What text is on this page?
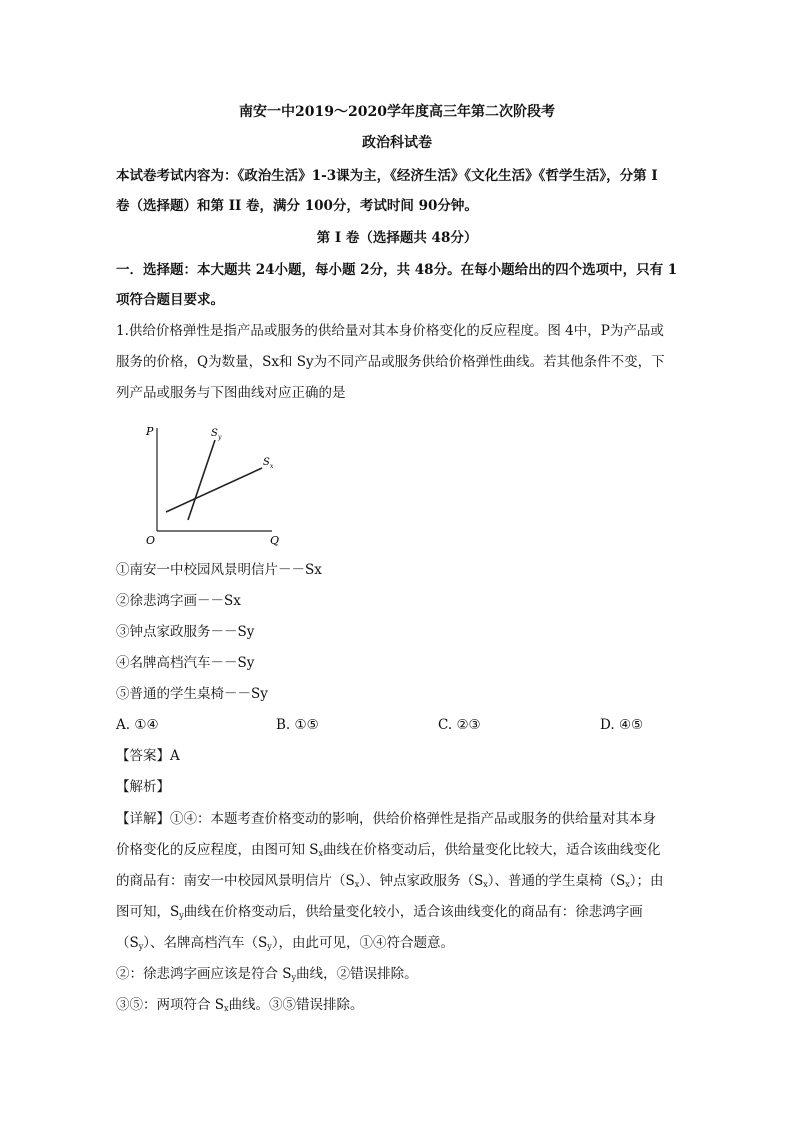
南安一中2019～2020学年度高三年第二次阶段考
政治科试卷
本试卷考试内容为：《政治生活》1-3课为主，《经济生活》《文化生活》《哲学生活》，分第 I
卷（选择题）和第 II 卷，满分 100分，考试时间 90分钟。
第 I 卷（选择题共 48分）
一．选择题：本大题共 24小题，每小题 2分，共 48分。在每小题给出的四个选项中，只有 1
项符合题目要求。
1.供给价格弹性是指产品或服务的供给量对其本身价格变化的反应程度。图 4中，P为产品或
服务的价格，Q为数量，Sx和 Sy为不同产品或服务供给价格弹性曲线。若其他条件不变，下
列产品或服务与下图曲线对应正确的是
P
Q
O
S y
S x
①南安一中校园风景明信片－－Sx
②徐悲鸿字画－－Sx
③钟点家政服务－－Sy
④名牌高档汽车－－Sy
⑤普通的学生桌椅－－Sy
A. ①④	B. ①⑤	C. ②③	D. ④⑤
【答案】A
【解析】
【详解】①④：本题考查价格变动的影响，供给价格弹性是指产品或服务的供给量对其本身
价格变化的反应程度，由图可知 $S_x$曲线在价格变动后，供给量变化比较大，适合该曲线变化
的商品有：南安一中校园风景明信片$(S_x)$、钟点家政服务$(S_x)$、普通的学生桌椅$(S_x)$；由
图可知，$S_y$曲线在价格变动后，供给量变化较小，适合该曲线变化的商品有：徐悲鸿字画
$(S_y)$、名牌高档汽车$(S_y)$，由此可见，①④符合题意。
②：徐悲鸿字画应该是符合 $S_y$曲线，②错误排除。
③⑤：两项符合 $S_x$曲线。③⑤错误排除。
